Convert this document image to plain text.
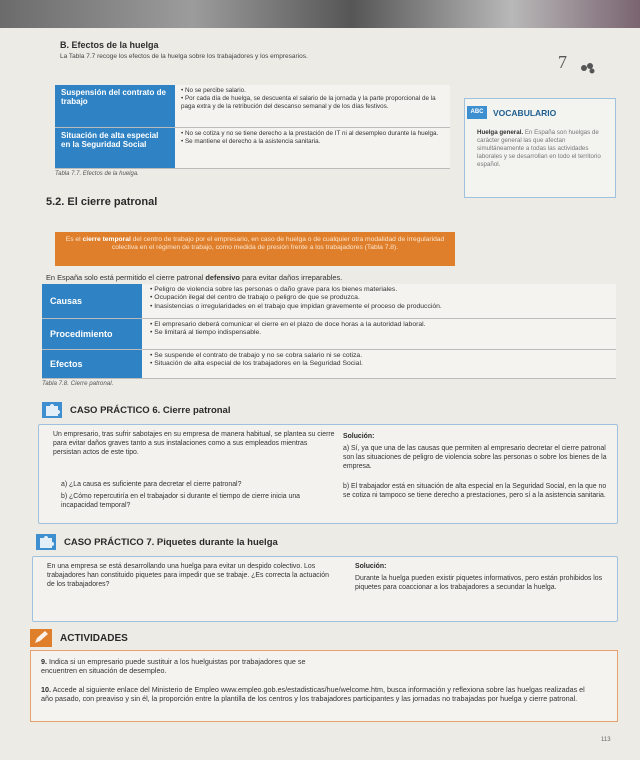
B. Efectos de la huelga
La Tabla 7.7 recoge los efectos de la huelga sobre los trabajadores y los empresarios.	7
Suspensión del contrato de trabajo
• No se percibe salario.
• Por cada día de huelga, se descuenta el salario de la jornada y la parte proporcional de la paga extra y de la retribución del descanso semanal y de los días festivos.
Situación de alta especial en la Seguridad Social
• No se cotiza y no se tiene derecho a la prestación de IT ni al desempleo durante la huelga.
• Se mantiene el derecho a la asistencia sanitaria.
Tabla 7.7. Efectos de la huelga.
ABC	VOCABULARIO
Huelga general. En España son huelgas de carácter general las que afectan simultáneamente a todas las actividades laborales y se desarrollan en todo el territorio español.
5.2. El cierre patronal
Es el cierre temporal del centro de trabajo por el empresario, en caso de huelga o de cualquier otra modalidad de irregularidad colectiva en el régimen de trabajo, como medida de presión frente a los trabajadores (Tabla 7.8).
En España solo está permitido el cierre patronal defensivo para evitar daños irreparables.
Causas
• Peligro de violencia sobre las personas o daño grave para los bienes materiales.
• Ocupación ilegal del centro de trabajo o peligro de que se produzca.
• Inasistencias o irregularidades en el trabajo que impidan gravemente el proceso de producción.
Procedimiento
• El empresario deberá comunicar el cierre en el plazo de doce horas a la autoridad laboral.
• Se limitará al tiempo indispensable.
Efectos
• Se suspende el contrato de trabajo y no se cobra salario ni se cotiza.
• Situación de alta especial de los trabajadores en la Seguridad Social.
Tabla 7.8. Cierre patronal.
CASO PRÁCTICO 6. Cierre patronal
Un empresario, tras sufrir sabotajes en su empresa de manera habitual, se plantea su cierre para evitar daños graves tanto a sus instalaciones como a sus empleados mientras persistan actos de este tipo.
a) ¿La causa es suficiente para decretar el cierre patronal?
b) ¿Cómo repercutiría en el trabajador si durante el tiempo de cierre inicia una incapacidad temporal?
Solución:
a) Sí, ya que una de las causas que permiten al empresario decretar el cierre patronal son las situaciones de peligro de violencia sobre las personas o sobre los bienes de la empresa.
b) El trabajador está en situación de alta especial en la Seguridad Social, en la que no se cotiza ni tampoco se tiene derecho a prestaciones, pero sí a la asistencia sanitaria.
CASO PRÁCTICO 7. Piquetes durante la huelga
En una empresa se está desarrollando una huelga para evitar un despido colectivo. Los trabajadores han constituido piquetes para impedir que se trabaje. ¿Es correcta la actuación de los trabajadores?
Solución:
Durante la huelga pueden existir piquetes informativos, pero están prohibidos los piquetes para coaccionar a los trabajadores a secundar la huelga.
ACTIVIDADES
9. Indica si un empresario puede sustituir a los huelguistas por trabajadores que se encuentren en situación de desempleo.
10. Accede al siguiente enlace del Ministerio de Empleo www.empleo.gob.es/estadisticas/hue/welcome.htm, busca información y reflexiona sobre las huelgas realizadas el año pasado, con preaviso y sin él, la proporción entre la plantilla de los centros y los trabajadores participantes y las jornadas no trabajadas por huelga y cierre patronal.
113
